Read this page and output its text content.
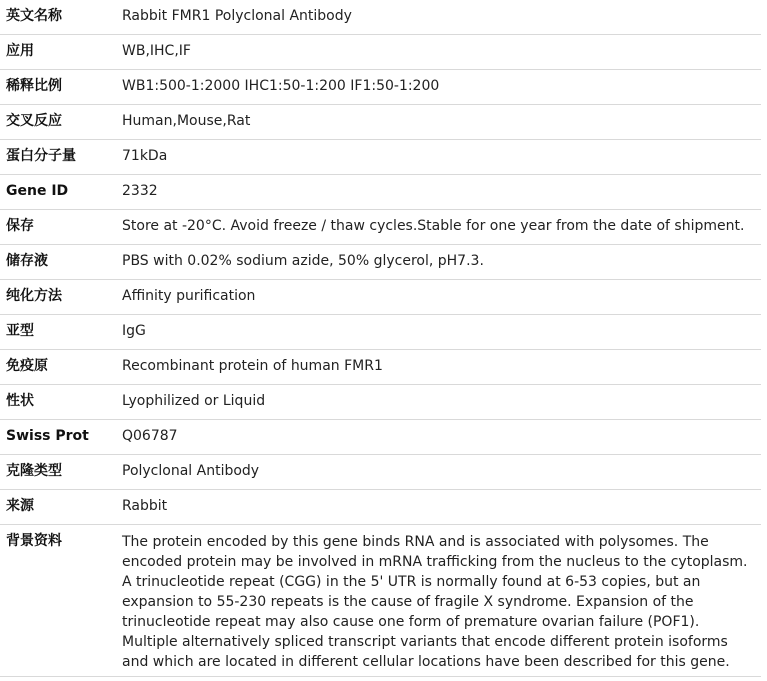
英文名称	Rabbit FMR1 Polyclonal Antibody
应用	WB,IHC,IF
稀释比例	WB1:500-1:2000 IHC1:50-1:200 IF1:50-1:200
交叉反应	Human,Mouse,Rat
蛋白分子量	71kDa
Gene ID	2332
保存	Store at -20°C. Avoid freeze / thaw cycles.Stable for one year from the date of shipment.
储存液	PBS with 0.02% sodium azide, 50% glycerol, pH7.3.
纯化方法	Affinity purification
亚型	IgG
免疫原	Recombinant protein of human FMR1
性状	Lyophilized or Liquid
Swiss Prot	Q06787
克隆类型	Polyclonal Antibody
来源	Rabbit
背景资料	The protein encoded by this gene binds RNA and is associated with polysomes. The encoded protein may be involved in mRNA trafficking from the nucleus to the cytoplasm. A trinucleotide repeat (CGG) in the 5' UTR is normally found at 6-53 copies, but an expansion to 55-230 repeats is the cause of fragile X syndrome. Expansion of the trinucleotide repeat may also cause one form of premature ovarian failure (POF1). Multiple alternatively spliced transcript variants that encode different protein isoforms and which are located in different cellular locations have been described for this gene.
